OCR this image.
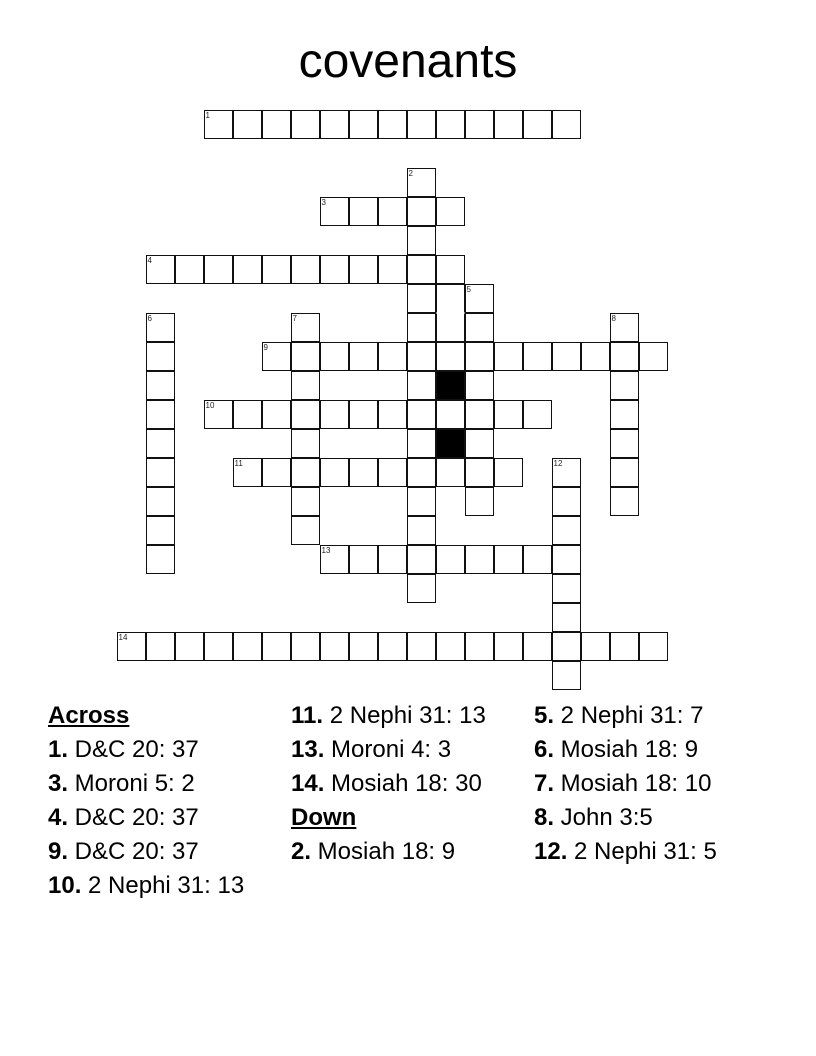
covenants
1
2
3
4
5
6	7	8
9
10
11	12
13
14
Across
1. D&C 20: 37
3. Moroni 5: 2
4. D&C 20: 37
9. D&C 20: 37
10. 2 Nephi 31: 13
11. 2 Nephi 31: 13
13. Moroni 4: 3
14. Mosiah 18: 30
Down
2. Mosiah 18: 9
5. 2 Nephi 31: 7
6. Mosiah 18: 9
7. Mosiah 18: 10
8. John 3:5
12. 2 Nephi 31: 5
